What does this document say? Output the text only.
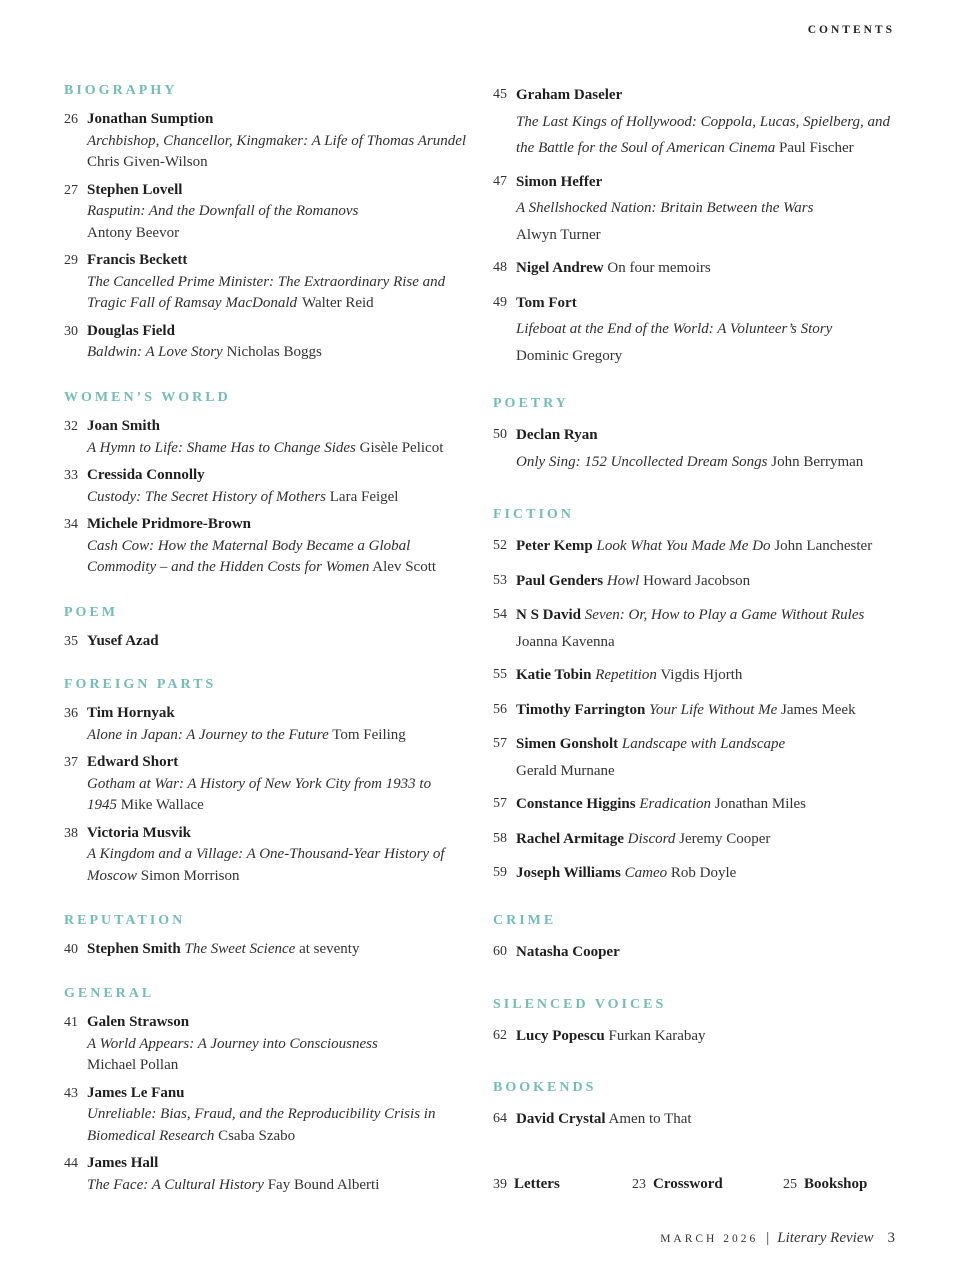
CONTENTS
BIOGRAPHY
26 Jonathan Sumption
Archbishop, Chancellor, Kingmaker: A Life of Thomas Arundel
Chris Given-Wilson
27 Stephen Lovell
Rasputin: And the Downfall of the Romanovs
Antony Beevor
29 Francis Beckett
The Cancelled Prime Minister: The Extraordinary Rise and Tragic Fall of Ramsay MacDonald Walter Reid
30 Douglas Field
Baldwin: A Love Story Nicholas Boggs
WOMEN’S WORLD
32 Joan Smith
A Hymn to Life: Shame Has to Change Sides Gisèle Pelicot
33 Cressida Connolly
Custody: The Secret History of Mothers Lara Feigel
34 Michele Pridmore-Brown
Cash Cow: How the Maternal Body Became a Global Commodity – and the Hidden Costs for Women Alev Scott
POEM
35 Yusef Azad
FOREIGN PARTS
36 Tim Hornyak
Alone in Japan: A Journey to the Future Tom Feiling
37 Edward Short
Gotham at War: A History of New York City from 1933 to 1945 Mike Wallace
38 Victoria Musvik
A Kingdom and a Village: A One-Thousand-Year History of Moscow Simon Morrison
REPUTATION
40 Stephen Smith The Sweet Science at seventy
GENERAL
41 Galen Strawson
A World Appears: A Journey into Consciousness
Michael Pollan
43 James Le Fanu
Unreliable: Bias, Fraud, and the Reproducibility Crisis in Biomedical Research Csaba Szabo
44 James Hall
The Face: A Cultural History Fay Bound Alberti
45 Graham Daseler
The Last Kings of Hollywood: Coppola, Lucas, Spielberg, and the Battle for the Soul of American Cinema Paul Fischer
47 Simon Heffer
A Shellshocked Nation: Britain Between the Wars
Alwyn Turner
48 Nigel Andrew On four memoirs
49 Tom Fort
Lifeboat at the End of the World: A Volunteer’s Story
Dominic Gregory
POETRY
50 Declan Ryan
Only Sing: 152 Uncollected Dream Songs John Berryman
FICTION
52 Peter Kemp Look What You Made Me Do John Lanchester
53 Paul Genders Howl Howard Jacobson
54 N S David Seven: Or, How to Play a Game Without Rules
Joanna Kavenna
55 Katie Tobin Repetition Vigdis Hjorth
56 Timothy Farrington Your Life Without Me James Meek
57 Simen Gonsholt Landscape with Landscape
Gerald Murnane
57 Constance Higgins Eradication Jonathan Miles
58 Rachel Armitage Discord Jeremy Cooper
59 Joseph Williams Cameo Rob Doyle
CRIME
60 Natasha Cooper
SILENCED VOICES
62 Lucy Popescu Furkan Karabay
BOOKENDS
64 David Crystal Amen to That
39 Letters	23 Crossword	25 Bookshop
MARCH 2026 | Literary Review 3
